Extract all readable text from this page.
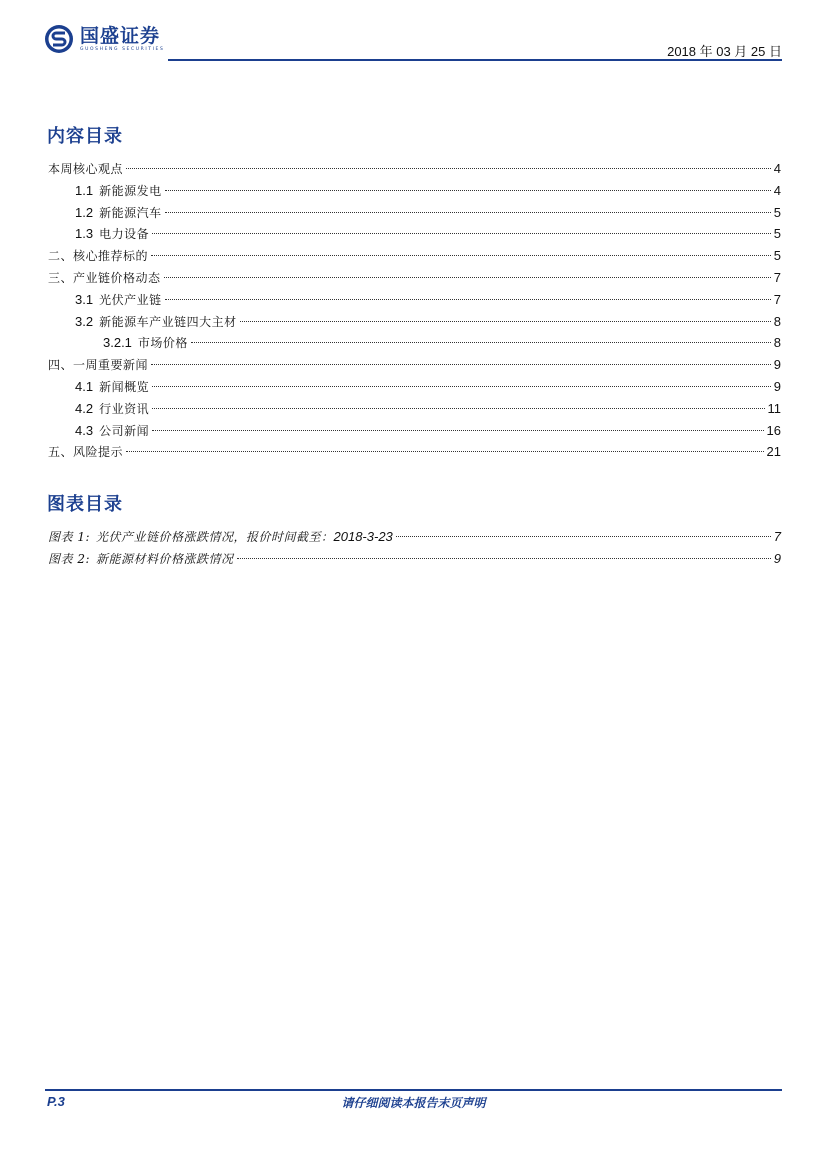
国盛证券
GUOSHENG SECURITIES	2018 年 03 月 25 日
内容目录
本周核心观点	4
1.1 新能源发电	4
1.2 新能源汽车	5
1.3 电力设备	5
二、核心推荐标的	5
三、产业链价格动态	7
3.1 光伏产业链	7
3.2 新能源车产业链四大主材	8
3.2.1 市场价格	8
四、一周重要新闻	9
4.1 新闻概览	9
4.2 行业资讯	11
4.3 公司新闻	16
五、风险提示	21
图表目录
图表 1: 光伏产业链价格涨跌情况，报价时间截至： 2018-3-23	7
图表 2: 新能源材料价格涨跌情况	9
P.3	请仔细阅读本报告末页声明
